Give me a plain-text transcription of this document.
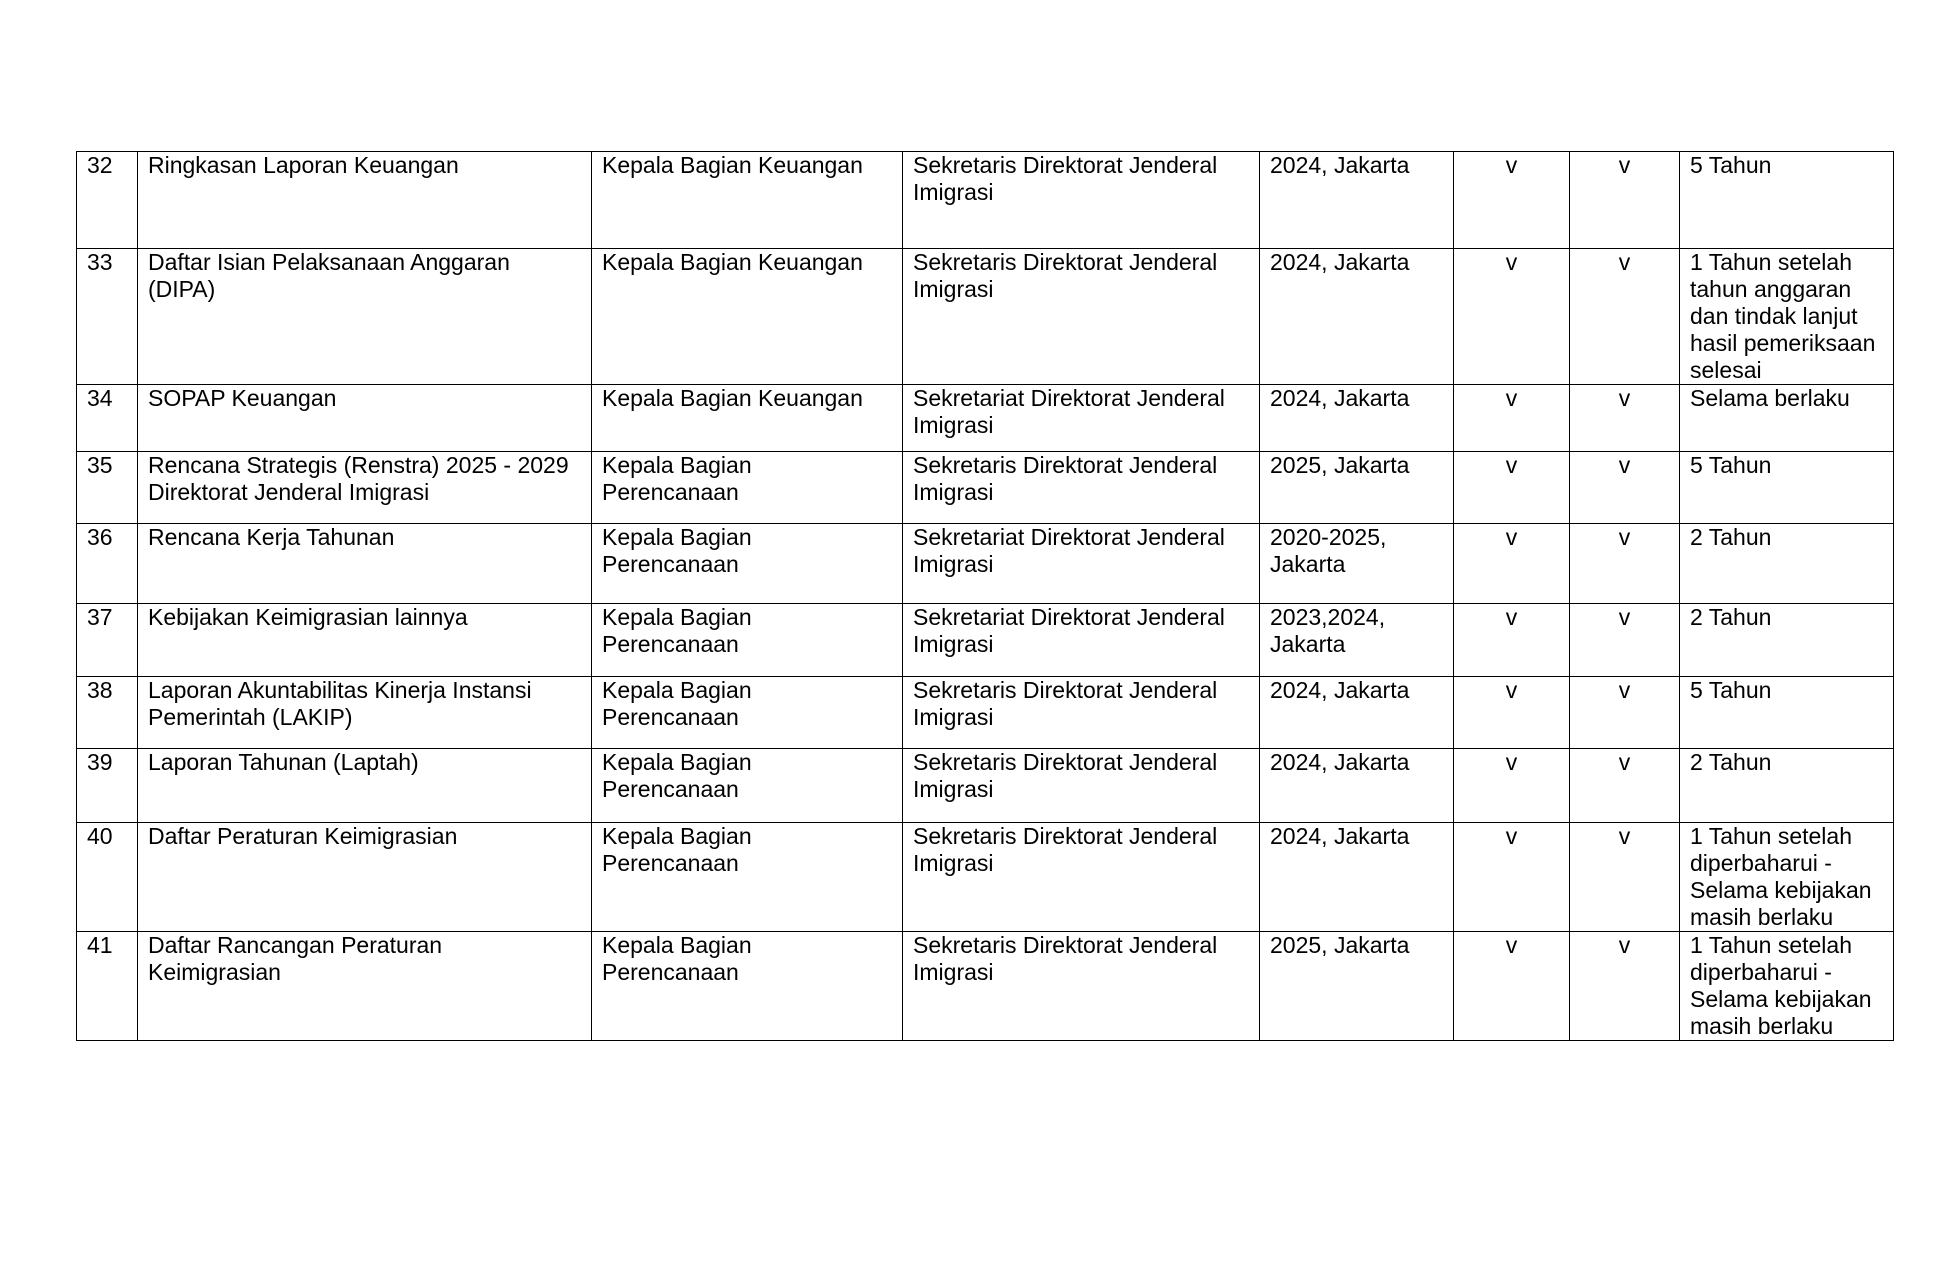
32	Ringkasan Laporan Keuangan	Kepala Bagian Keuangan	Sekretaris Direktorat Jenderal Imigrasi	2024, Jakarta	v	v	5 Tahun

33	Daftar Isian Pelaksanaan Anggaran (DIPA)	Kepala Bagian Keuangan	Sekretaris Direktorat Jenderal Imigrasi	2024, Jakarta	v	v	1 Tahun setelah tahun anggaran dan tindak lanjut hasil pemeriksaan selesai

34	SOPAP Keuangan	Kepala Bagian Keuangan	Sekretariat Direktorat Jenderal Imigrasi	2024, Jakarta	v	v	Selama berlaku

35	Rencana Strategis (Renstra) 2025 - 2029 Direktorat Jenderal Imigrasi	Kepala Bagian Perencanaan	Sekretaris Direktorat Jenderal Imigrasi	2025, Jakarta	v	v	5 Tahun

36	Rencana Kerja Tahunan	Kepala Bagian Perencanaan	Sekretariat Direktorat Jenderal Imigrasi	2020-2025, Jakarta	v	v	2 Tahun

37	Kebijakan Keimigrasian lainnya	Kepala Bagian Perencanaan	Sekretariat Direktorat Jenderal Imigrasi	2023,2024, Jakarta	v	v	2 Tahun

38	Laporan Akuntabilitas Kinerja Instansi Pemerintah (LAKIP)	Kepala Bagian Perencanaan	Sekretaris Direktorat Jenderal Imigrasi	2024, Jakarta	v	v	5 Tahun

39	Laporan Tahunan (Laptah)	Kepala Bagian Perencanaan	Sekretaris Direktorat Jenderal Imigrasi	2024, Jakarta	v	v	2 Tahun

40	Daftar Peraturan Keimigrasian	Kepala Bagian Perencanaan	Sekretaris Direktorat Jenderal Imigrasi	2024, Jakarta	v	v	1 Tahun setelah diperbaharui - Selama kebijakan masih berlaku

41	Daftar Rancangan Peraturan Keimigrasian	Kepala Bagian Perencanaan	Sekretaris Direktorat Jenderal Imigrasi	2025, Jakarta	v	v	1 Tahun setelah diperbaharui - Selama kebijakan masih berlaku
